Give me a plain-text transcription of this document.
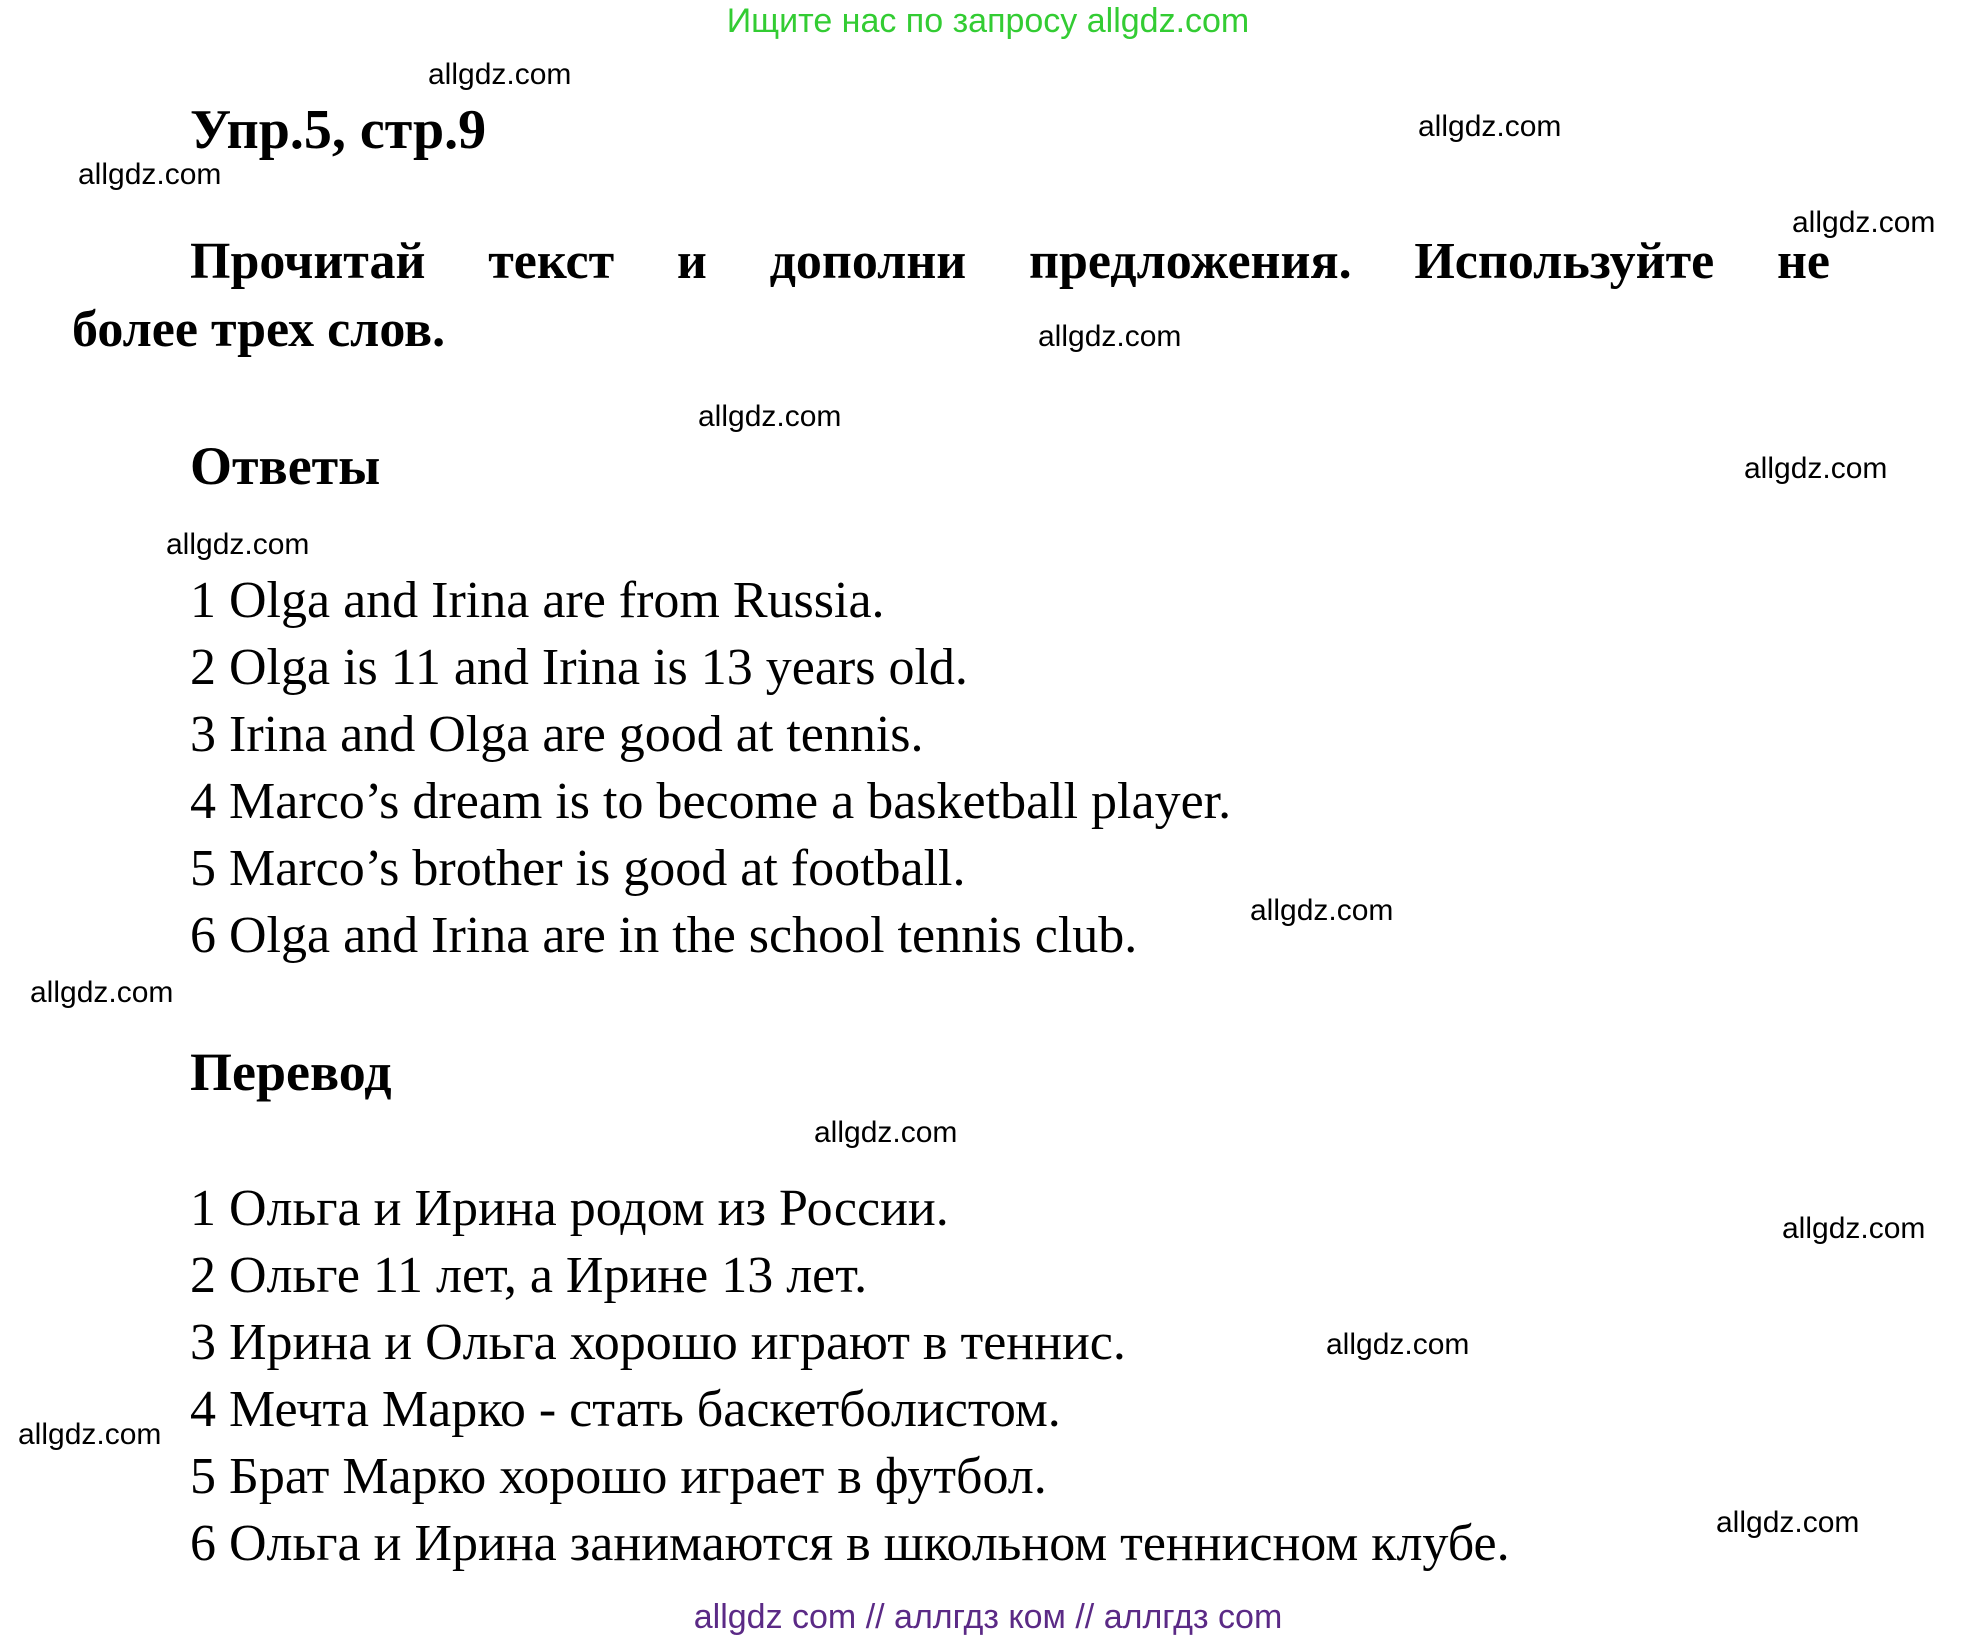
Ищите нас по запросу allgdz.com
Упр.5, стр.9
Прочитай текст и дополни предложения. Используйте не
более трех слов.
Ответы
1 Olga and Irina are from Russia.
2 Olga is 11 and Irina is 13 years old.
3 Irina and Olga are good at tennis.
4 Marco’s dream is to become a basketball player.
5 Marco’s brother is good at football.
6 Olga and Irina are in the school tennis club.
Перевод
1 Ольга и Ирина родом из России.
2 Ольге 11 лет, а Ирине 13 лет.
3 Ирина и Ольга хорошо играют в теннис.
4 Мечта Марко - стать баскетболистом.
5 Брат Марко хорошо играет в футбол.
6 Ольга и Ирина занимаются в школьном теннисном клубе.
allgdz.com
allgdz.com
allgdz.com
allgdz.com
allgdz.com
allgdz.com
allgdz.com
allgdz.com
allgdz.com
allgdz.com
allgdz.com
allgdz.com
allgdz.com
allgdz.com
allgdz.com
allgdz com // аллгдз ком // аллгдз com
